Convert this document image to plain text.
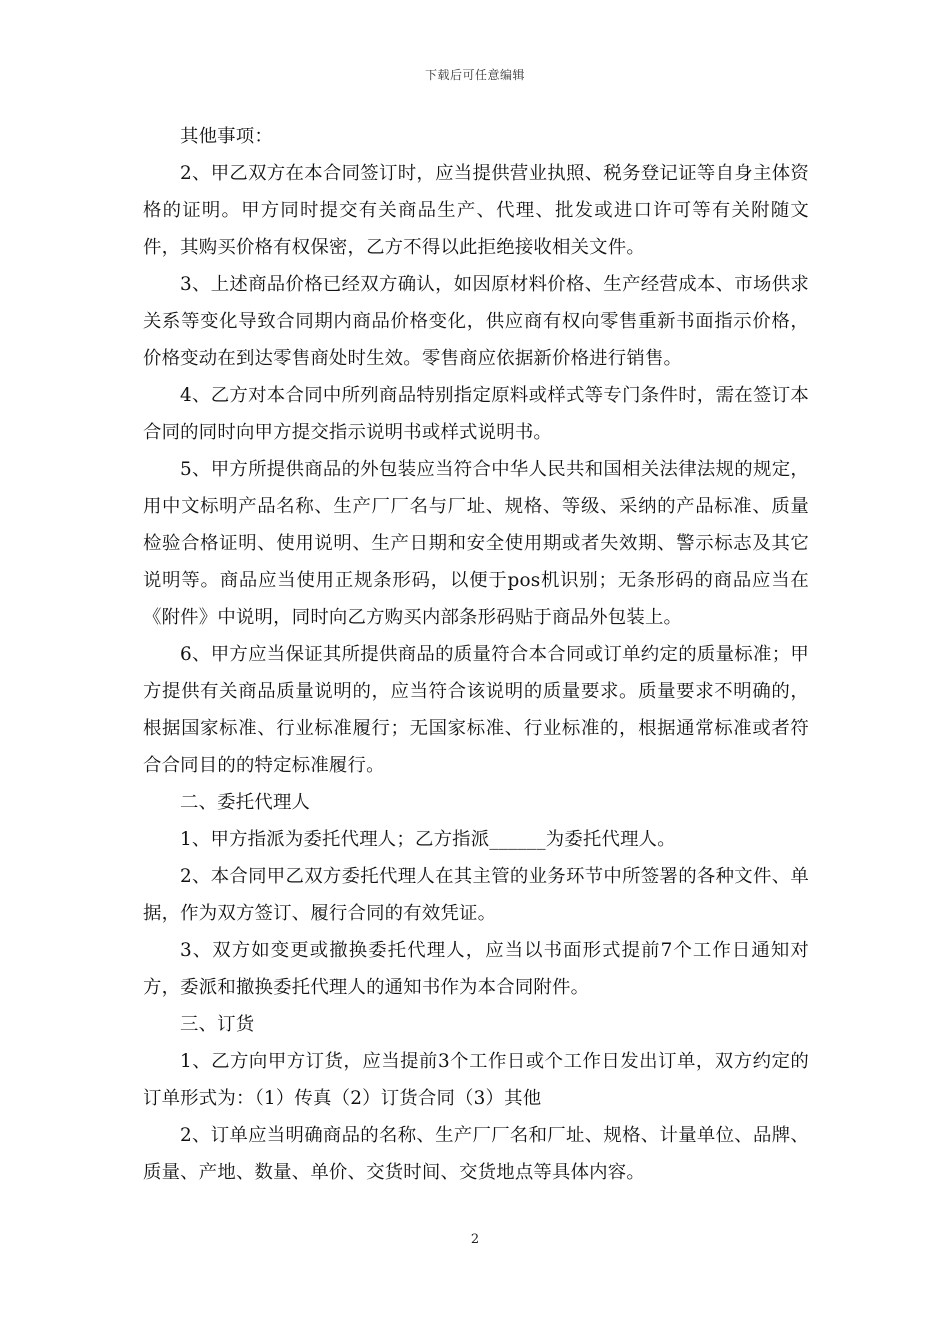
下载后可任意编辑

其他事项：

2、甲乙双方在本合同签订时，应当提供营业执照、税务登记证等自身主体资格的证明。甲方同时提交有关商品生产、代理、批发或进口许可等有关附随文件，其购买价格有权保密，乙方不得以此拒绝接收相关文件。

3、上述商品价格已经双方确认，如因原材料价格、生产经营成本、市场供求关系等变化导致合同期内商品价格变化，供应商有权向零售重新书面指示价格，价格变动在到达零售商处时生效。零售商应依据新价格进行销售。

4、乙方对本合同中所列商品特别指定原料或样式等专门条件时，需在签订本合同的同时向甲方提交指示说明书或样式说明书。

5、甲方所提供商品的外包装应当符合中华人民共和国相关法律法规的规定，用中文标明产品名称、生产厂厂名与厂址、规格、等级、采纳的产品标准、质量检验合格证明、使用说明、生产日期和安全使用期或者失效期、警示标志及其它说明等。商品应当使用正规条形码，以便于pos机识别；无条形码的商品应当在《附件》中说明，同时向乙方购买内部条形码贴于商品外包装上。

6、甲方应当保证其所提供商品的质量符合本合同或订单约定的质量标准；甲方提供有关商品质量说明的，应当符合该说明的质量要求。质量要求不明确的，根据国家标准、行业标准履行；无国家标准、行业标准的，根据通常标准或者符合合同目的的特定标准履行。

二、委托代理人

1、甲方指派为委托代理人；乙方指派______为委托代理人。

2、本合同甲乙双方委托代理人在其主管的业务环节中所签署的各种文件、单据，作为双方签订、履行合同的有效凭证。

3、双方如变更或撤换委托代理人，应当以书面形式提前7个工作日通知对方，委派和撤换委托代理人的通知书作为本合同附件。

三、订货

1、乙方向甲方订货，应当提前3个工作日或个工作日发出订单，双方约定的订单形式为：（1）传真（2）订货合同（3）其他

2、订单应当明确商品的名称、生产厂厂名和厂址、规格、计量单位、品牌、质量、产地、数量、单价、交货时间、交货地点等具体内容。

2
